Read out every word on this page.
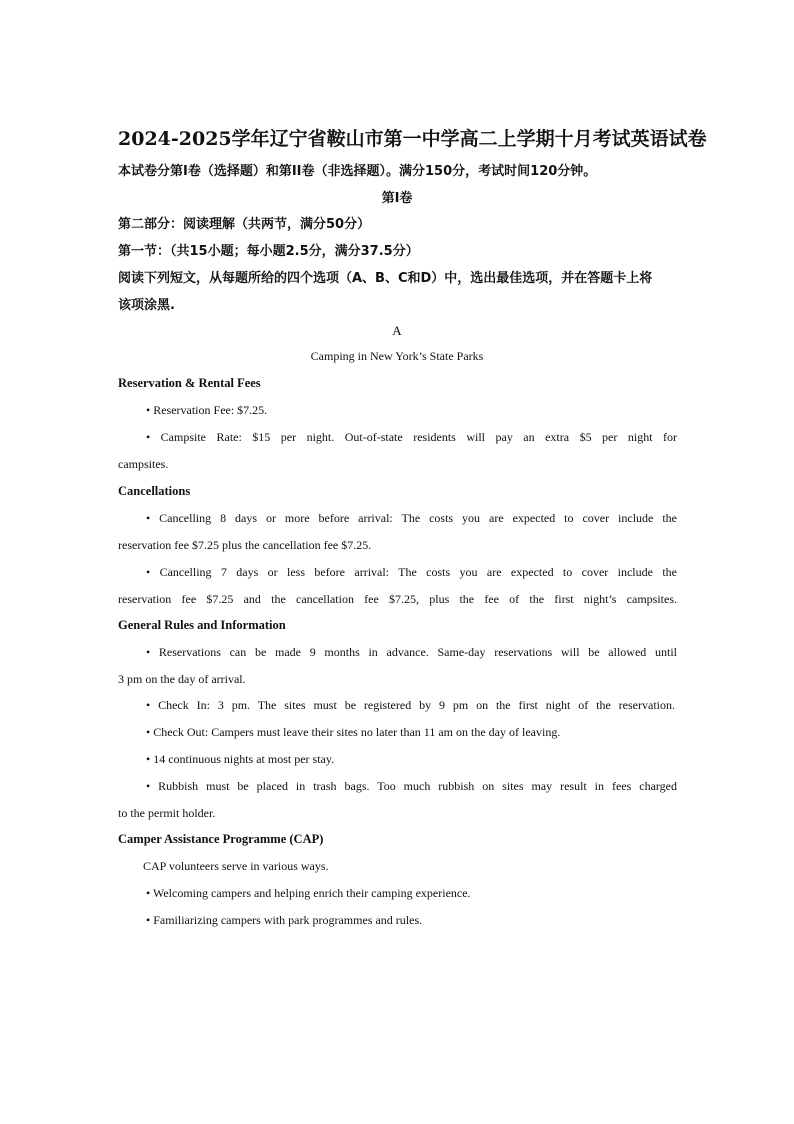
2024-2025学年辽宁省鞍山市第一中学高二上学期十月考试英语试卷
本试卷分第I卷（选择题）和第II卷（非选择题）。满分150分，考试时间120分钟。
第I卷
第二部分：阅读理解（共两节，满分50分）
第一节：（共15小题；每小题2.5分，满分37.5分）
阅读下列短文，从每题所给的四个选项（A、B、C和D）中，选出最佳选项，并在答题卡上将
该项涂黑.
A
Camping in New York’s State Parks
Reservation & Rental Fees
• Reservation Fee: $7.25.
• Campsite Rate: $15 per night. Out-of-state residents will pay an extra $5 per night for
campsites.
Cancellations
• Cancelling 8 days or more before arrival: The costs you are expected to cover include the
reservation fee $7.25 plus the cancellation fee $7.25.
• Cancelling 7 days or less before arrival: The costs you are expected to cover include the
reservation fee $7.25 and the cancellation fee $7.25, plus the fee of the first night’s campsites.
General Rules and Information
• Reservations can be made 9 months in advance. Same-day reservations will be allowed until
3 pm on the day of arrival.
• Check In: 3 pm. The sites must be registered by 9 pm on the first night of the reservation.
• Check Out: Campers must leave their sites no later than 11 am on the day of leaving.
• 14 continuous nights at most per stay.
• Rubbish must be placed in trash bags. Too much rubbish on sites may result in fees charged
to the permit holder.
Camper Assistance Programme (CAP)
CAP volunteers serve in various ways.
• Welcoming campers and helping enrich their camping experience.
• Familiarizing campers with park programmes and rules.
